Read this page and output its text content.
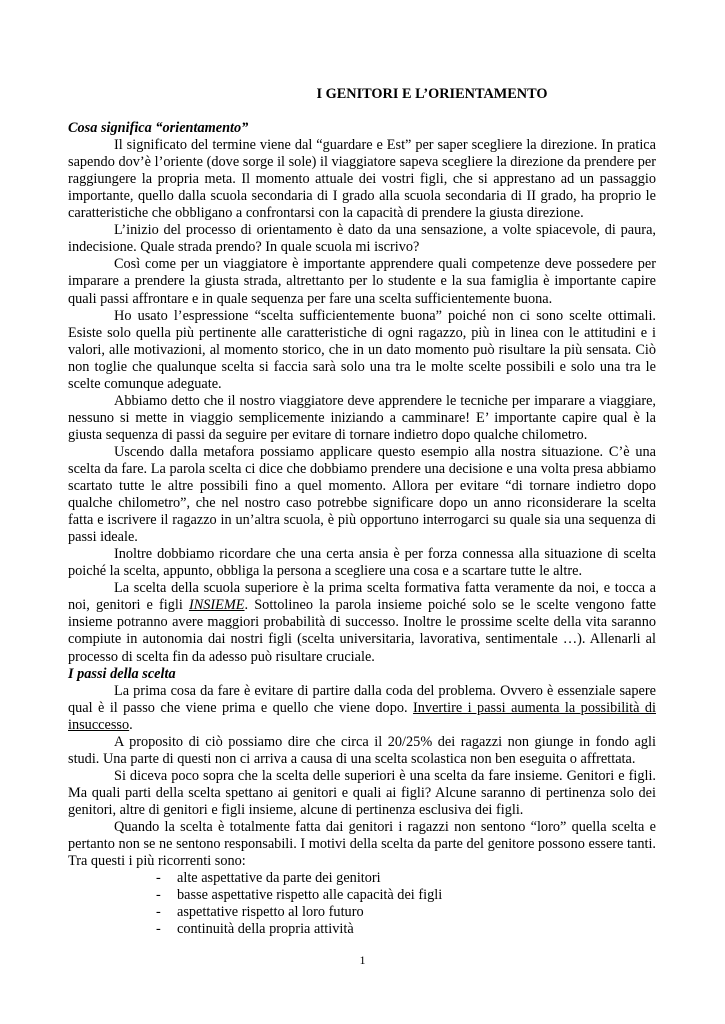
I GENITORI E L’ORIENTAMENTO
Cosa significa “orientamento”

Il significato del termine viene dal “guardare e Est” per saper scegliere la direzione. In pratica sapendo dov’è l’oriente (dove sorge il sole) il viaggiatore sapeva scegliere la direzione da prendere per raggiungere la propria meta. Il momento attuale dei vostri figli, che si apprestano ad un passaggio importante, quello dalla scuola secondaria di I grado alla scuola secondaria di II grado, ha proprio le caratteristiche che obbligano a confrontarsi con la capacità di prendere la giusta direzione.

L’inizio del processo di orientamento è dato da una sensazione, a volte spiacevole, di paura, indecisione. Quale strada prendo? In quale scuola mi iscrivo?

Così come per un viaggiatore è importante apprendere quali competenze deve possedere per imparare a prendere la giusta strada, altrettanto per lo studente e la sua famiglia è importante capire quali passi affrontare e in quale sequenza per fare una scelta sufficientemente buona.

Ho usato l’espressione “scelta sufficientemente buona” poiché non ci sono scelte ottimali. Esiste solo quella più pertinente alle caratteristiche di ogni ragazzo, più in linea con le attitudini e i valori, alle motivazioni, al momento storico, che in un dato momento può risultare la più sensata. Ciò non toglie che qualunque scelta si faccia sarà solo una tra le molte scelte possibili e solo una tra le scelte comunque adeguate.

Abbiamo detto che il nostro viaggiatore deve apprendere le tecniche per imparare a viaggiare, nessuno si mette in viaggio semplicemente iniziando a camminare! E’ importante capire qual è la giusta sequenza di passi da seguire per evitare di tornare indietro dopo qualche chilometro.

Uscendo dalla metafora possiamo applicare questo esempio alla nostra situazione. C’è una scelta da fare. La parola scelta ci dice che dobbiamo prendere una decisione e una volta presa abbiamo scartato tutte le altre possibili fino a quel momento. Allora per evitare “di tornare indietro dopo qualche chilometro”, che nel nostro caso potrebbe significare dopo un anno riconsiderare la scelta fatta e iscrivere il ragazzo in un’altra scuola, è più opportuno interrogarci su quale sia una sequenza di passi ideale.

Inoltre dobbiamo ricordare che una certa ansia è per forza connessa alla situazione di scelta poiché la scelta, appunto, obbliga la persona a scegliere una cosa e a scartare tutte le altre.

La scelta della scuola superiore è la prima scelta formativa fatta veramente da noi, e tocca a noi, genitori e figli INSIEME. Sottolineo la parola insieme poiché solo se le scelte vengono fatte insieme potranno avere maggiori probabilità di successo. Inoltre le prossime scelte della vita saranno compiute in autonomia dai nostri figli (scelta universitaria, lavorativa, sentimentale …). Allenarli al processo di scelta fin da adesso può risultare cruciale.

I passi della scelta

La prima cosa da fare è evitare di partire dalla coda del problema. Ovvero è essenziale sapere qual è il passo che viene prima e quello che viene dopo. Invertire i passi aumenta la possibilità di insuccesso.

A proposito di ciò possiamo dire che circa il 20/25% dei ragazzi non giunge in fondo agli studi. Una parte di questi non ci arriva a causa di una scelta scolastica non ben eseguita o affrettata.

Si diceva poco sopra che la scelta delle superiori è una scelta da fare insieme. Genitori e figli. Ma quali parti della scelta spettano ai genitori e quali ai figli? Alcune saranno di pertinenza solo dei genitori, altre di genitori e figli insieme, alcune di pertinenza esclusiva dei figli.

Quando la scelta è totalmente fatta dai genitori i ragazzi non sentono “loro” quella scelta e pertanto non se ne sentono responsabili. I motivi della scelta da parte del genitore possono essere tanti. Tra questi i più ricorrenti sono:

- alte aspettative da parte dei genitori
- basse aspettative rispetto alle capacità dei figli
- aspettative rispetto al loro futuro
- continuità della propria attività
1
